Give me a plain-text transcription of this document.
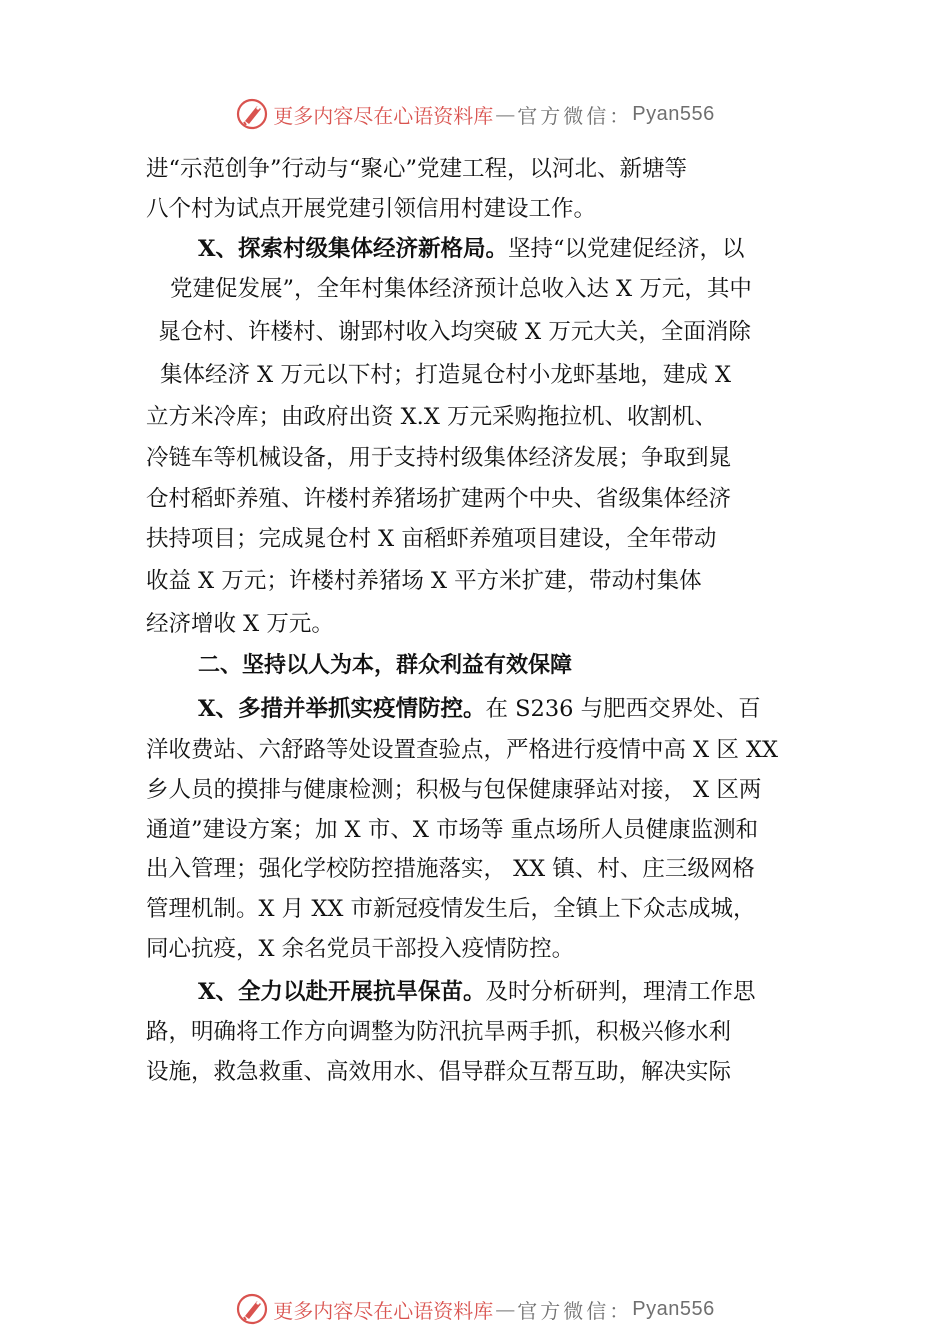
更多内容尽在心语资料库 — 官方微信： Pyan556
进“示范创争”行动与“聚心”党建工程，以河北、新塘等
八个村为试点开展党建引领信用村建设工作。
X、探索村级集体经济新格局。坚持“以党建促经济，以
党建促发展”，全年村集体经济预计总收入达 X 万元，其中
晁仓村、许楼村、谢郢村收入均突破 X 万元大关，全面消除
集体经济 X 万元以下村；打造晁仓村小龙虾基地，建成 X
立方米冷库；由政府出资 X.X 万元采购拖拉机、收割机、
冷链车等机械设备，用于支持村级集体经济发展；争取到晁
仓村稻虾养殖、许楼村养猪场扩建两个中央、省级集体经济
扶持项目；完成晁仓村 X 亩稻虾养殖项目建设，全年带动
收益 X 万元；许楼村养猪场 X 平方米扩建，带动村集体
经济增收 X 万元。
二、坚持以人为本，群众利益有效保障
X、多措并举抓实疫情防控。在 S236 与肥西交界处、百
洋收费站、六舒路等处设置查验点，严格进行疫情中高 X 区 XX
乡人员的摸排与健康检测；积极与包保健康驿站对接， X 区两
通道”建设方案；加 X 市、X 市场等 重点场所人员健康监测和
出入管理；强化学校防控措施落实， XX 镇、村、庄三级网格
管理机制。X 月 XX 市新冠疫情发生后，全镇上下众志成城，
同心抗疫，X 余名党员干部投入疫情防控。
X、全力以赴开展抗旱保苗。及时分析研判，理清工作思
路，明确将工作方向调整为防汛抗旱两手抓，积极兴修水利
设施，救急救重、高效用水、倡导群众互帮互助，解决实际
更多内容尽在心语资料库 — 官方微信： Pyan556
